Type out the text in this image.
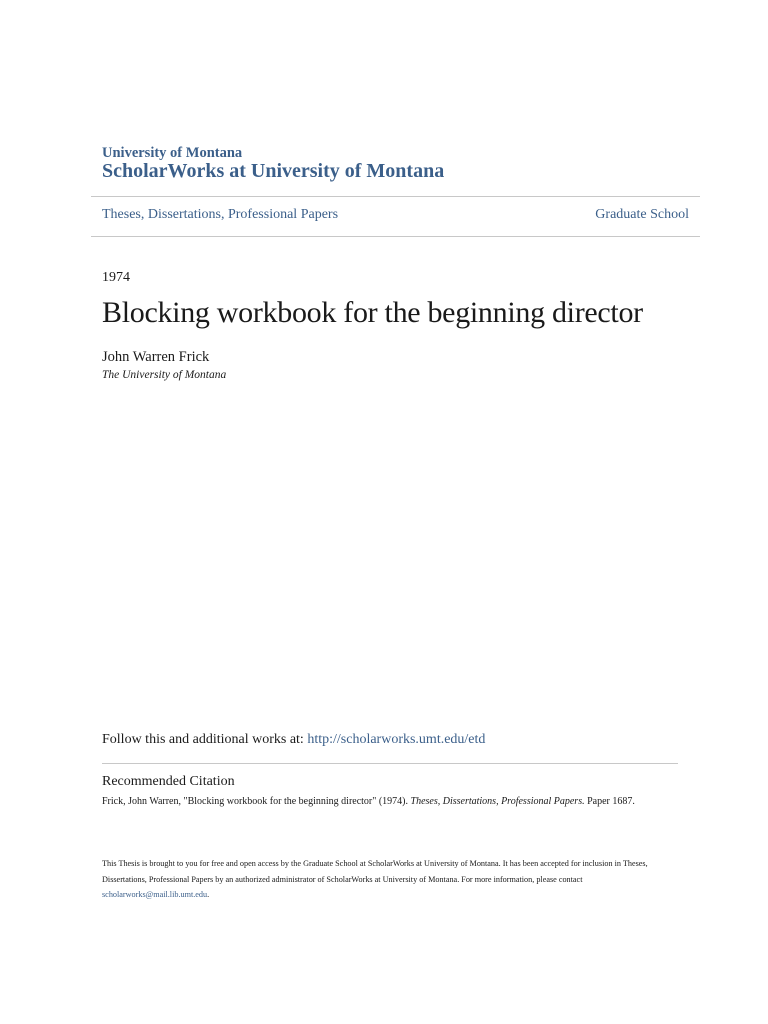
University of Montana
ScholarWorks at University of Montana
Theses, Dissertations, Professional Papers	Graduate School
1974
Blocking workbook for the beginning director
John Warren Frick
The University of Montana
Follow this and additional works at: http://scholarworks.umt.edu/etd
Recommended Citation
Frick, John Warren, "Blocking workbook for the beginning director" (1974). Theses, Dissertations, Professional Papers. Paper 1687.
This Thesis is brought to you for free and open access by the Graduate School at ScholarWorks at University of Montana. It has been accepted for inclusion in Theses, Dissertations, Professional Papers by an authorized administrator of ScholarWorks at University of Montana. For more information, please contact scholarworks@mail.lib.umt.edu.
